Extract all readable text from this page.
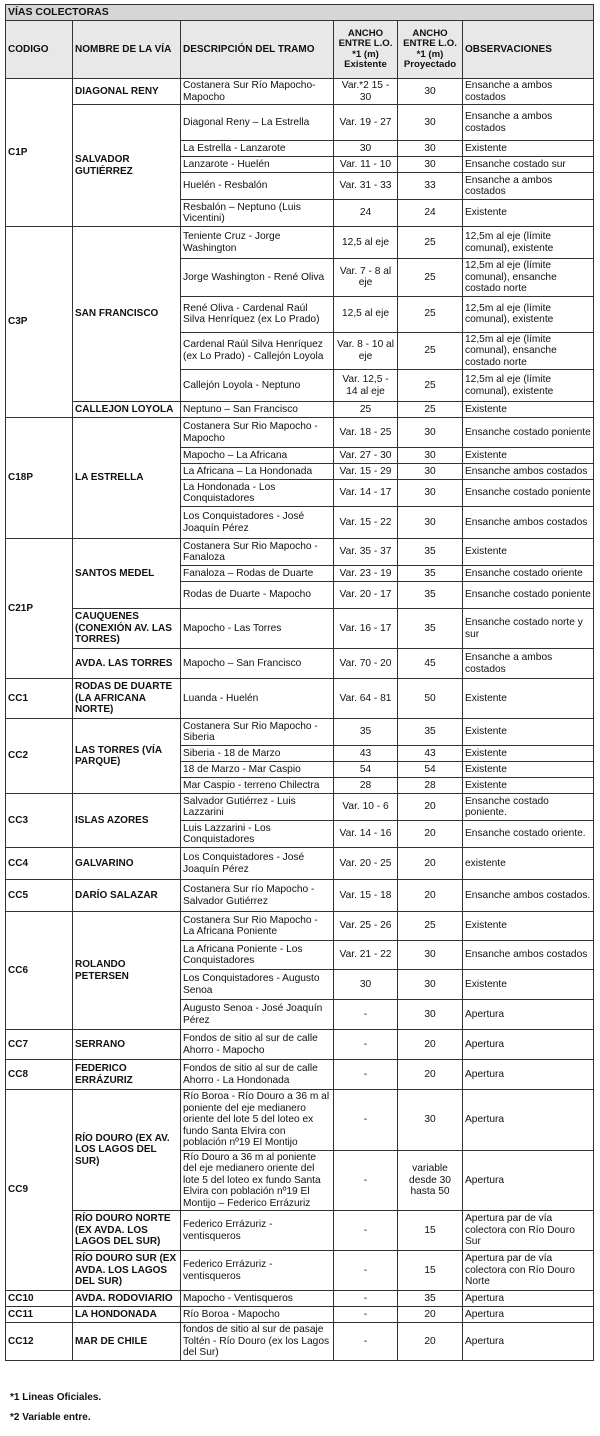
VÍAS COLECTORAS					
CODIGO	NOMBRE DE LA VÍA	DESCRIPCIÓN DEL TRAMO	ANCHO ENTRE L.O. *1 (m) Existente	ANCHO ENTRE L.O. *1 (m) Proyectado	OBSERVACIONES
C1P	DIAGONAL RENY	Costanera Sur Río Mapocho-Mapocho	Var.*2 15 - 30	30	Ensanche a ambos costados
	SALVADOR GUTIÉRREZ	Diagonal Reny – La Estrella	Var. 19 - 27	30	Ensanche a ambos costados
		La Estrella - Lanzarote	30	30	Existente
		Lanzarote - Huelén	Var. 11 - 10	30	Ensanche costado sur
		Huelén - Resbalón	Var. 31 - 33	33	Ensanche a ambos costados
		Resbalón – Neptuno (Luis Vicentini)	24	24	Existente
C3P	SAN FRANCISCO	Teniente Cruz - Jorge Washington	12,5 al eje	25	12,5m al eje (límite comunal), existente
		Jorge Washington - René Oliva	Var. 7 - 8 al eje	25	12,5m al eje (límite comunal), ensanche costado norte
		René Oliva - Cardenal Raúl Silva Henríquez (ex Lo Prado)	12,5 al eje	25	12,5m al eje (límite comunal), existente
		Cardenal Raúl Silva Henríquez (ex Lo Prado) - Callejón Loyola	Var. 8 - 10 al eje	25	12,5m al eje (límite comunal), ensanche costado norte
		Callejón Loyola - Neptuno	Var. 12,5 - 14 al eje	25	12,5m al eje (límite comunal), existente
	CALLEJON LOYOLA	Neptuno – San Francisco	25	25	Existente
C18P	LA ESTRELLA	Costanera Sur Rio Mapocho - Mapocho	Var. 18 - 25	30	Ensanche costado poniente
		Mapocho – La Africana	Var. 27 - 30	30	Existente
		La Africana – La Hondonada	Var. 15 - 29	30	Ensanche ambos costados
		La Hondonada - Los Conquistadores	Var. 14 - 17	30	Ensanche costado poniente
		Los Conquistadores - José Joaquín Pérez	Var. 15 - 22	30	Ensanche ambos costados
C21P	SANTOS MEDEL	Costanera Sur Rio Mapocho - Fanaloza	Var. 35 - 37	35	Existente
		Fanaloza – Rodas de Duarte	Var. 23 - 19	35	Ensanche costado oriente
		Rodas de Duarte - Mapocho	Var. 20 - 17	35	Ensanche costado poniente
	CAUQUENES (CONEXIÓN AV. LAS TORRES)	Mapocho - Las Torres	Var. 16 - 17	35	Ensanche costado norte y sur
	AVDA. LAS TORRES	Mapocho – San Francisco	Var. 70 - 20	45	Ensanche a ambos costados
CC1	RODAS DE DUARTE (LA AFRICANA NORTE)	Luanda - Huelén	Var. 64 - 81	50	Existente
CC2	LAS TORRES (VÍA PARQUE)	Costanera Sur Rio Mapocho - Siberia	35	35	Existente
		Siberia - 18 de Marzo	43	43	Existente
		18 de Marzo - Mar Caspio	54	54	Existente
		Mar Caspio - terreno Chilectra	28	28	Existente
CC3	ISLAS AZORES	Salvador Gutiérrez - Luis Lazzarini	Var. 10 - 6	20	Ensanche costado poniente.
		Luis Lazzarini - Los Conquistadores	Var. 14 - 16	20	Ensanche costado oriente.
CC4	GALVARINO	Los Conquistadores - José Joaquín Pérez	Var. 20 - 25	20	existente
CC5	DARÍO SALAZAR	Costanera Sur río Mapocho - Salvador Gutiérrez	Var. 15 - 18	20	Ensanche ambos costados.
CC6	ROLANDO PETERSEN	Costanera Sur Rio Mapocho - La Africana Poniente	Var. 25 - 26	25	Existente
		La Africana Poniente - Los Conquistadores	Var. 21 - 22	30	Ensanche ambos costados
		Los Conquistadores - Augusto Senoa	30	30	Existente
		Augusto Senoa - José Joaquín Pérez	-	30	Apertura
CC7	SERRANO	Fondos de sitio al sur de calle Ahorro - Mapocho	-	20	Apertura
CC8	FEDERICO ERRÁZURIZ	Fondos de sitio al sur de calle Ahorro - La Hondonada	-	20	Apertura
CC9	RÍO DOURO (EX AV. LOS LAGOS DEL SUR)	Río Boroa - Río Douro a 36 m al poniente del eje medianero oriente del lote 5 del loteo ex fundo Santa Elvira con población nº19 El Montijo	-	30	Apertura
		Río Douro a 36 m al poniente del eje medianero oriente del lote 5 del loteo ex fundo Santa Elvira con población nº19 El Montijo – Federico Errázuriz	-	variable desde 30 hasta 50	Apertura
	RÍO DOURO NORTE (EX AVDA. LOS LAGOS DEL SUR)	Federico Errázuriz - ventisqueros	-	15	Apertura par de vía colectora con Río Douro Sur
	RÍO DOURO SUR (EX AVDA. LOS LAGOS DEL SUR)	Federico Errázuriz - ventisqueros	-	15	Apertura par de vía colectora con Río Douro Norte
CC10	AVDA. RODOVIARIO	Mapocho - Ventisqueros	-	35	Apertura
CC11	LA HONDONADA	Río Boroa - Mapocho	-	20	Apertura
CC12	MAR DE CHILE	fondos de sitio al sur de pasaje Toltén - Río Douro (ex los Lagos del Sur)	-	20	Apertura
*1 Lineas Oficiales.
*2 Variable entre.
